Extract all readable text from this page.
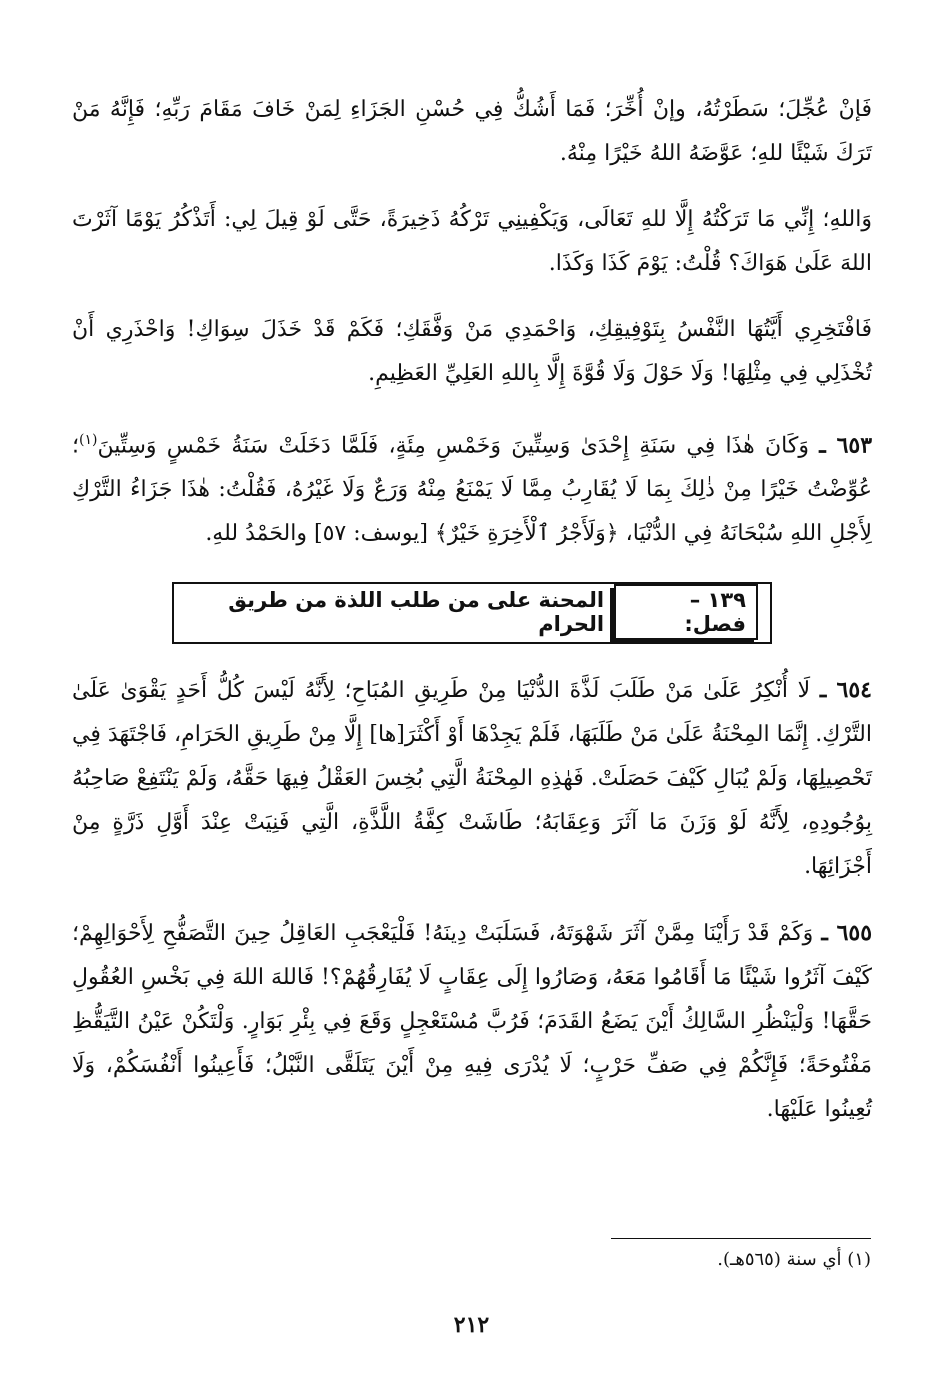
فَإنْ عُجِّلَ؛ سَطَرْتُهُ، وإنْ أُخِّرَ؛ فَمَا أَشُكُّ فِي حُسْنِ الجَزَاءِ لِمَنْ خَافَ مَقَامَ رَبِّهِ؛ فَإِنَّهُ مَنْ تَرَكَ شَيْئًا للهِ؛ عَوَّضَهُ اللهُ خَيْرًا مِنْهُ.

وَاللهِ؛ إِنِّي مَا تَرَكْتُهُ إِلَّا للهِ تَعَالَى، وَيَكْفِينِي تَرْكُهُ ذَخِيرَةً، حَتَّى لَوْ قِيلَ لِي: أَتَذْكُرُ يَوْمًا آثَرْتَ اللهَ عَلَىٰ هَوَاكَ؟ قُلْتُ: يَوْمَ كَذَا وَكَذَا.

فَافْتَخِرِي أَيَّتُهَا النَّفْسُ بِتَوْفِيقِكِ، وَاحْمَدِي مَنْ وَفَّقَكِ؛ فَكَمْ قَدْ خَذَلَ سِوَاكِ! وَاحْذَرِي أَنْ تُخْذَلِي فِي مِثْلِهَا! وَلَا حَوْلَ وَلَا قُوَّةَ إِلَّا بِاللهِ العَلِيِّ العَظِيمِ.

٦٥٣ ـ وَكَانَ هٰذَا فِي سَنَةِ إِحْدَىٰ وَسِتِّينَ وَخَمْسِ مِئَةٍ، فَلَمَّا دَخَلَتْ سَنَةُ خَمْسٍ وَسِتِّينَ$^{(١)}$؛ عُوِّضْتُ خَيْرًا مِنْ ذٰلِكَ بِمَا لَا يُقَارِبُ مِمَّا لَا يَمْنَعُ مِنْهُ وَرَعٌ وَلَا غَيْرُهُ، فَقُلْتُ: هٰذَا جَزَاءُ التَّرْكِ لِأَجْلِ اللهِ سُبْحَانَهُ فِي الدُّنْيَا، ﴿وَلَأَجْرُ ٱلْأَخِرَةِ خَيْرٌ﴾ [يوسف: ٥٧] والحَمْدُ للهِ.

١٣٩ – فصل:
المحنة على من طلب اللذة من طريق الحرام

٦٥٤ ـ لَا أُنْكِرُ عَلَىٰ مَنْ طَلَبَ لَذَّةَ الدُّنْيَا مِنْ طَرِيقِ المُبَاحِ؛ لِأَنَّهُ لَيْسَ كُلُّ أَحَدٍ يَقْوَىٰ عَلَىٰ التَّرْكِ. إِنَّمَا المِحْنَةُ عَلَىٰ مَنْ طَلَبَهَا، فَلَمْ يَجِدْهَا أَوْ أَكْثَرَ[ها] إِلَّا مِنْ طَرِيقِ الحَرَامِ، فَاجْتَهَدَ فِي تَحْصِيلِهَا، وَلَمْ يُبَالِ كَيْفَ حَصَلَتْ. فَهٰذِهِ المِحْنَةُ الَّتِي بُخِسَ العَقْلُ فِيهَا حَقَّهُ، وَلَمْ يَنْتَفِعْ صَاحِبُهُ بِوُجُودِهِ، لِأَنَّهُ لَوْ وَزَنَ مَا آثَرَ وَعِقَابَهُ؛ طَاشَتْ كِفَّةُ اللَّذَّةِ، الَّتِي فَنِيَتْ عِنْدَ أَوَّلِ ذَرَّةٍ مِنْ أَجْزَائِهَا.

٦٥٥ ـ وَكَمْ قَدْ رَأَيْنَا مِمَّنْ آثَرَ شَهْوَتَهُ، فَسَلَبَتْ دِينَهُ! فَلْيَعْجَبِ العَاقِلُ حِينَ التَّصَفُّحِ لِأَحْوَالِهِمْ؛ كَيْفَ آثَرُوا شَيْئًا مَا أَقَامُوا مَعَهُ، وَصَارُوا إِلَى عِقَابٍ لَا يُفَارِقُهُمْ؟! فَاللهَ اللهَ فِي بَخْسِ العُقُولِ حَقَّهَا! وَلْيَنْظُرِ السَّالِكُ أَيْنَ يَضَعُ القَدَمَ؛ فَرُبَّ مُسْتَعْجِلٍ وَقَعَ فِي بِئْرِ بَوَارٍ. وَلْتَكُنْ عَيْنُ التَّيَقُّظِ مَفْتُوحَةً؛ فَإِنَّكُمْ فِي صَفِّ حَرْبٍ؛ لَا يُدْرَى فِيهِ مِنْ أَيْنَ يَتَلَقَّى النَّبْلُ؛ فَأَعِينُوا أَنْفُسَكُمْ، وَلَا تُعِينُوا عَلَيْهَا.

(١) أي سنة (٥٦٥هـ).
٢١٢
